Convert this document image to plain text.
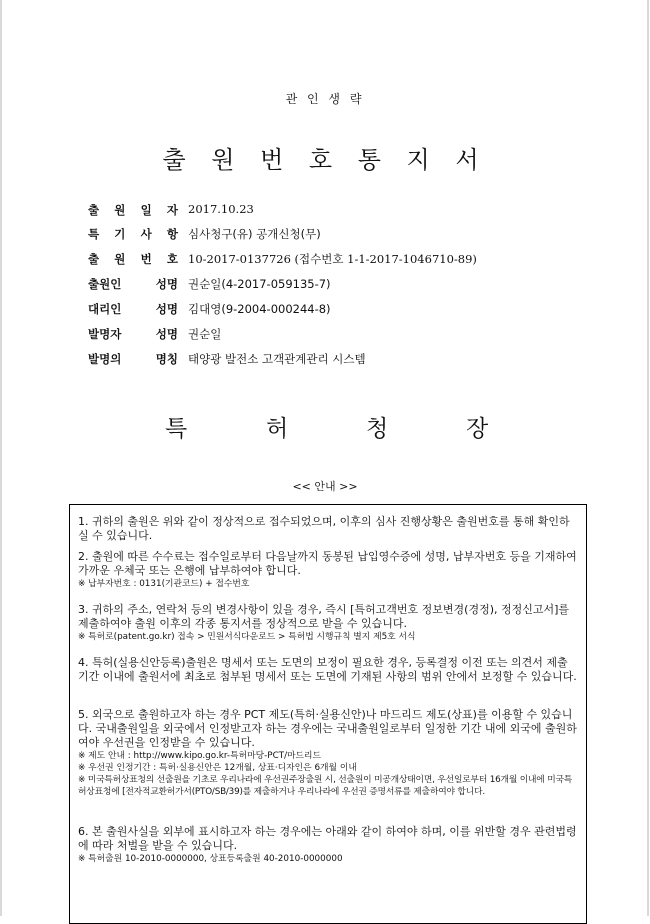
관 인 생 략
출 원 번 호 통 지 서
출 원 일 자 2017.10.23
특 기 사 항 심사청구(유) 공개신청(무)
출 원 번 호 10-2017-0137726 (접수번호 1-1-2017-1046710-89)
출원인	성명 권순일(4-2017-059135-7)
대리인	성명 김대영(9-2004-000244-8)
발명자	성명 권순일
발명의	명칭 태양광 발전소 고객관계관리 시스템
특	허	청	장
<< 안내 >>
1. 귀하의 출원은 위와 같이 정상적으로 접수되었으며, 이후의 심사 진행상황은 출원번호를 통해 확인하실 수 있습니다.
2. 출원에 따른 수수료는 접수일로부터 다음날까지 동봉된 납입영수증에 성명, 납부자번호 등을 기재하여 가까운 우체국 또는 은행에 납부하여야 합니다.
※ 납부자번호 : 0131(기관코드) + 접수번호
3. 귀하의 주소, 연락처 등의 변경사항이 있을 경우, 즉시 [특허고객번호 정보변경(경정), 정정신고서]를 제출하여야 출원 이후의 각종 통지서를 정상적으로 받을 수 있습니다.
※ 특허로(patent.go.kr) 접속 > 민원서식다운로드 > 특허법 시행규칙 별지 제5호 서식
4. 특허(실용신안등록)출원은 명세서 또는 도면의 보정이 필요한 경우, 등록결정 이전 또는 의견서 제출기간 이내에 출원서에 최초로 첨부된 명세서 또는 도면에 기재된 사항의 범위 안에서 보정할 수 있습니다.
5. 외국으로 출원하고자 하는 경우 PCT 제도(특허·실용신안)나 마드리드 제도(상표)를 이용할 수 있습니다. 국내출원일을 외국에서 인정받고자 하는 경우에는 국내출원일로부터 일정한 기간 내에 외국에 출원하여야 우선권을 인정받을 수 있습니다.
※ 제도 안내 : http://www.kipo.go.kr-특허마당-PCT/마드리드
※ 우선권 인정기간 : 특허·실용신안은 12개월, 상표·디자인은 6개월 이내
※ 미국특허상표청의 선출원을 기초로 우리나라에 우선권주장출원 시, 선출원이 미공개상태이면, 우선일로부터 16개월 이내에 미국특허상표청에 [전자적교환허가서(PTO/SB/39)를 제출하거나 우리나라에 우선권 증명서류를 제출하여야 합니다.
6. 본 출원사실을 외부에 표시하고자 하는 경우에는 아래와 같이 하여야 하며, 이를 위반할 경우 관련법령에 따라 처벌을 받을 수 있습니다.
※ 특허출원 10-2010-0000000, 상표등록출원 40-2010-0000000
